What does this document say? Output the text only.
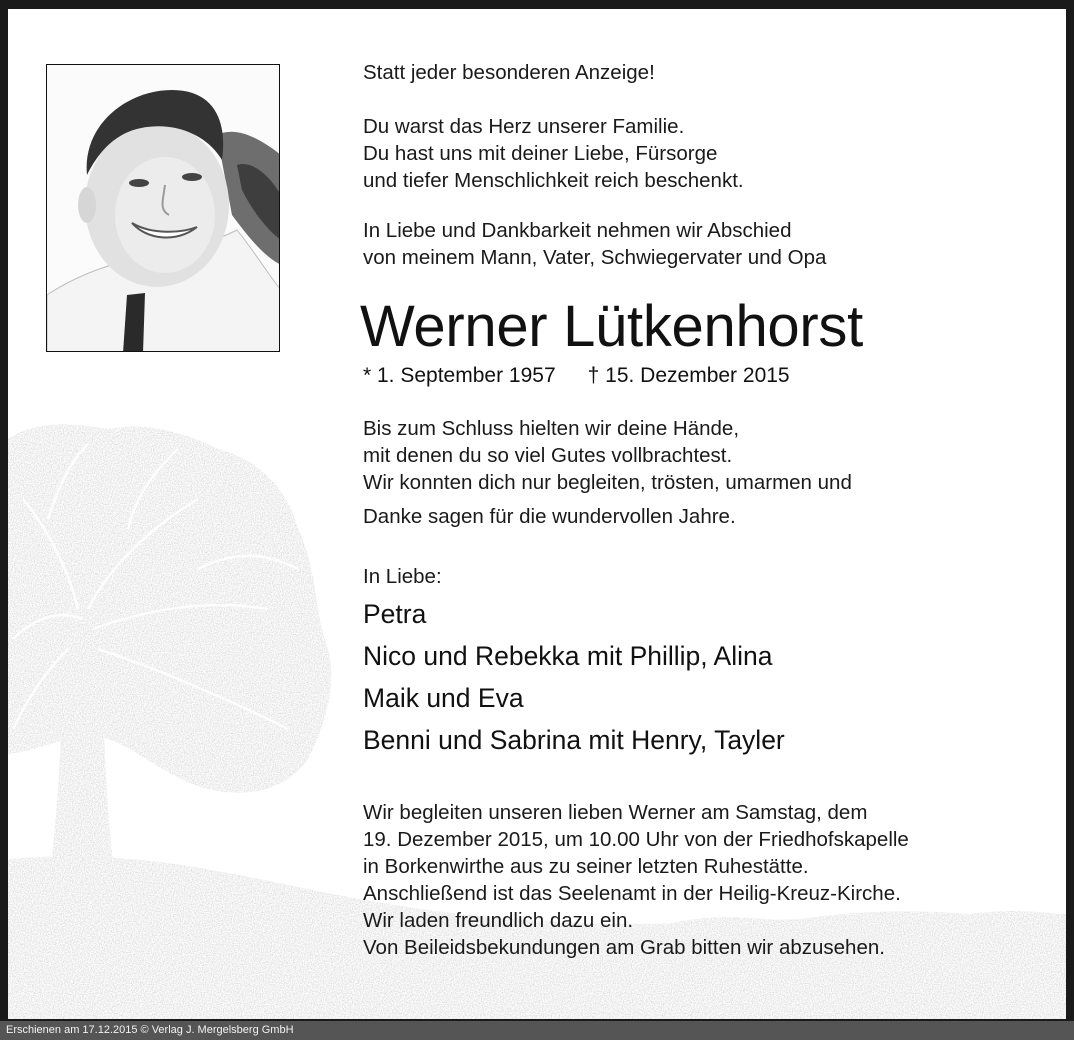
Statt jeder besonderen Anzeige!
Du warst das Herz unserer Familie.
Du hast uns mit deiner Liebe, Fürsorge
und tiefer Menschlichkeit reich beschenkt.
In Liebe und Dankbarkeit nehmen wir Abschied
von meinem Mann, Vater, Schwiegervater und Opa
Werner Lütkenhorst
* 1. September 1957 † 15. Dezember 2015
Bis zum Schluss hielten wir deine Hände,
mit denen du so viel Gutes vollbrachtest.
Wir konnten dich nur begleiten, trösten, umarmen und
Danke sagen für die wundervollen Jahre.
In Liebe:
Petra
Nico und Rebekka mit Phillip, Alina
Maik und Eva
Benni und Sabrina mit Henry, Tayler
Wir begleiten unseren lieben Werner am Samstag, dem
19. Dezember 2015, um 10.00 Uhr von der Friedhofskapelle
in Borkenwirthe aus zu seiner letzten Ruhestätte.
Anschließend ist das Seelenamt in der Heilig-Kreuz-Kirche.
Wir laden freundlich dazu ein.
Von Beileidsbekundungen am Grab bitten wir abzusehen.
Erschienen am 17.12.2015 © Verlag J. Mergelsberg GmbH
